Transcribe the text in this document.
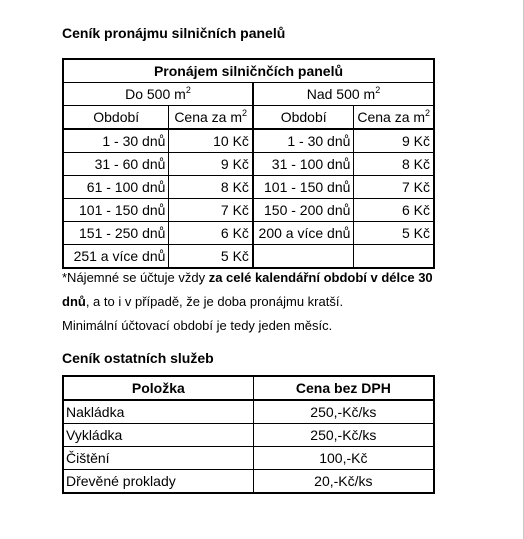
Ceník pronájmu silničních panelů
Pronájem silničnčích panelů			
Do 500 $m^2$		Nad 500 $m^2$
Období	Cena za $m^2$	Období	Cena za $m^2$
1 - 30 dnů	10 Kč	1 - 30 dnů	9 Kč
31 - 60 dnů	9 Kč	31 - 100 dnů	8 Kč
61 - 100 dnů	8 Kč	101 - 150 dnů	7 Kč
101 - 150 dnů	7 Kč	150 - 200 dnů	6 Kč
151 - 250 dnů	6 Kč	200 a více dnů	5 Kč
251 a více dnů	5 Kč		
*Nájemné se účtuje vždy za celé kalendářní období v délce 30 dnů, a to i v případě, že je doba pronájmu kratší.
Minimální účtovací období je tedy jeden měsíc.
Ceník ostatních služeb
Položka	Cena bez DPH
Nakládka	250,-Kč/ks
Vykládka	250,-Kč/ks
Čištění	100,-Kč
Dřevěné proklady	20,-Kč/ks
